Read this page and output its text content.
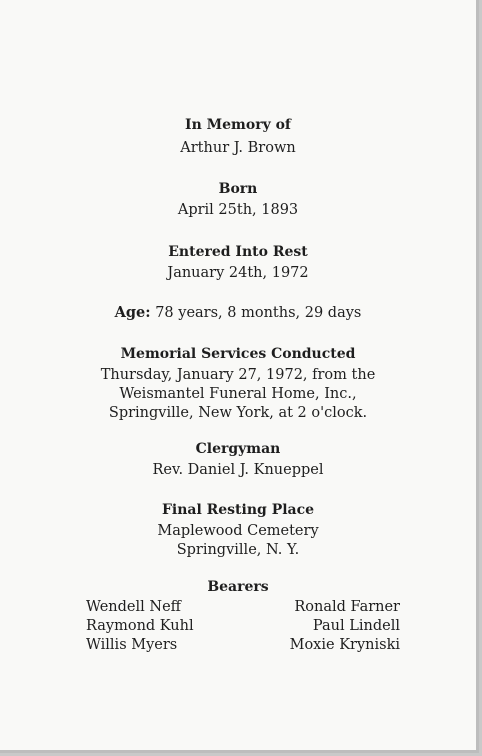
In Memory of
Arthur J. Brown
Born
April 25th, 1893
Entered Into Rest
January 24th, 1972
Age: 78 years, 8 months, 29 days
Memorial Services Conducted
Thursday, January 27, 1972, from the
Weismantel Funeral Home, Inc.,
Springville, New York, at 2 o'clock.
Clergyman
Rev. Daniel J. Knueppel
Final Resting Place
Maplewood Cemetery
Springville, N. Y.
Bearers
Wendell Neff
Raymond Kuhl
Willis Myers
Ronald Farner
Paul Lindell
Moxie Kryniski
